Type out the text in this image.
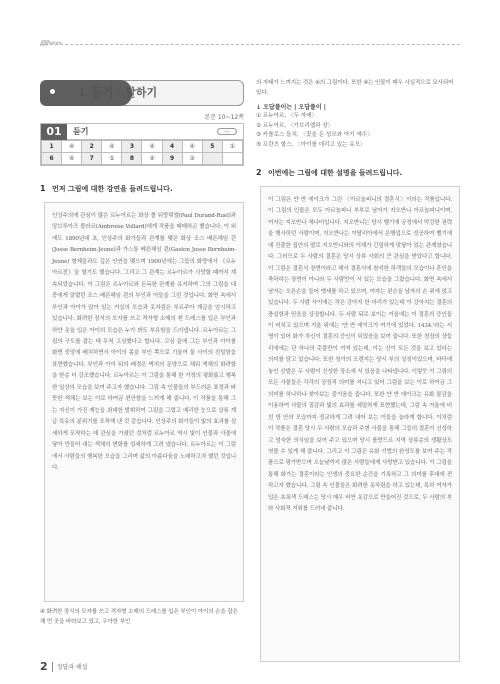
//////»»»»
I. 듣기 · 말하기
본문 10~12쪽
01	듣기	‹‹‹
1	④	2	④	3	④	4	④	5	①
6	④	7	⑤	8	④	9	②		
1 먼저 그림에 대한 강연을 들려드립니다.

인상주의에 관심이 많은 르누아르는 화상 폴 뒤랑뤼엘(Paul Durand-Ruel)과 앙브루아즈 볼라르(Ambroise Vollard)에게 작품을 매매하곤 했습니다. 이 외에도 1890년대 초, 인상주의 화가들과 관계를 맺은 화상 조스 베른헤임 쥔(Josse Bernheim-Jeune)과 가스통 베른헤임 쥔(Gaston Josse Bernheim-Jeune) 형제들과도 깊은 인연을 맺으며 1900년에는 그들의 화랑에서 《르누아르전》을 열기도 했습니다. 그리고 그 관계는 르누아르가 사망할 때까지 계속되었습니다. 이 그림은 르누아르와 돈독한 관계를 유지하며 그의 그림을 대중에게 알렸던 조스 베른헤임 쥔의 부인과 아들을 그린 것입니다. 화면 속에서 부인과 아이가 앉아 있는 거실의 모습과 옷차림은 부르주아 계급을 암시하고 있습니다. 화려한 장식의 모자를 쓰고 격자형 소매의 흰 드레스를 입은 부인과 하얀 옷을 입은 아이의 모습은 누가 봐도 부유함을 드러냅니다. 르누아르는 그림의 구도를 잡는 데 무척 고심했다고 합니다. 고심 끝에 그는 부인과 아이를 화면 중앙에 배치하면서 아이의 몸을 부인 쪽으로 기울여 둘 사이의 친밀함을 표현했습니다. 부인과 아이 뒤의 배경은 벽지의 문양으로 채워 색채의 화려함을 한층 더 강조했습니다. 르누아르는 이 그림을 통해 한 가정의 평화롭고 행복한 일상의 모습을 보여 주고자 했습니다. 그림 속 인물들의 부드러운 표정과 따뜻한 색채는 보는 이로 하여금 편안함을 느끼게 해 줍니다. 이 작품을 통해 그는 자신이 가진 재능을 최대한 발휘하여 그림을 그렸고 예리한 눈으로 상류 계급 특유의 분위기를 포착해 낸 것 같습니다. 인상주의 화가들이 빛의 효과를 섬세하게 포착하는 데 관심을 가졌던 것처럼 르누아르 역시 빛이 인물과 사물에 닿아 만들어 내는 색채의 변화를 섬세하게 그려 냈습니다. 르누아르는 이 그림에서 사람들의 행복한 모습을 그리며 삶의 아름다움을 노래하고자 했던 것입니다.

④ 화려한 장식의 모자를 쓰고 격자형 소매의 드레스를 입은 부인이 아이의 손을 잡은 채 먼 곳을 바라보고 있고, 우아한 부인
의 자태가 느껴지는 것은 ④의 그림이다. 또한 ④는 인물이 매우 사실적으로 묘사되어 있다.
↓ 오답풀이는 | 오답풀이 |
① 르누아르, 〈두 자매〉
② 르누아르, 〈가브리엘과 장〉
③ 카를로스 들치, 〈꽃을 든 성모와 아기 예수〉
⑤ 프란츠 할스, 〈아이를 데리고 있는 유모〉
2 이번에는 그림에 대한 설명을 들려드립니다.

이 그림은 얀 반 에이크가 그린 〈아르놀피니의 결혼식〉이라는 작품입니다. 이 그림의 인물은 모두 아르놀피니 부부로 남자가 지오반니 아르놀피니이며, 여자는 지오반나 체나미입니다. 지오반니는 당시 벨기에 궁정에서 막강한 권력을 행사하던 사람이며, 지오반나는 이탈리아에서 은행업으로 성공하여 벨기에에 진출한 집안의 딸로 지오반니와의 이해가 긴밀하게 맞닿아 있는 관계였습니다. 그러므로 두 사람의 결혼은 당시 상류 사회의 큰 관심을 받았다고 합니다. 이 그림은 결혼식 장면이라고 해서 결혼식에 참석한 하객들의 모습이나 혼인을 축하하는 장면이 아니라 두 사람만이 서 있는 모습을 그렸습니다. 화면 속에서 남자는 오른손을 들어 맹세를 하고 있으며, 여자는 왼손을 남자의 손 위에 얹고 있습니다. 두 사람 사이에는 작은 강아지 한 마리가 있는데 이 강아지는 결혼의 충실함과 믿음을 상징합니다. 두 사람 뒤로 보이는 거울에는 이 결혼의 증인들이 비치고 있으며 거울 위에는 '얀 반 에이크가 여기에 있었다. 1434.'라는 서명이 있어 화가 자신이 결혼의 증인이 되었음을 보여 줍니다. 또한 천장의 샹들리에에는 단 하나의 촛불만이 켜져 있는데, 이는 신이 모든 것을 보고 있다는 의미를 담고 있습니다. 또한 창가의 오렌지는 당시 부의 상징이었으며, 바닥에 놓인 신발은 두 사람이 신성한 장소에 서 있음을 나타냅니다. 이렇듯 이 그림의 모든 사물들은 각각의 상징적 의미를 지니고 있어 그림을 보는 이로 하여금 그 의미를 하나하나 찾아보는 즐거움을 줍니다. 또한 얀 반 에이크는 유화 물감을 이용하여 사물의 질감과 빛의 효과를 세밀하게 표현했는데, 그림 속 거울에 비친 방 안의 모습까지 정교하게 그려 내어 보는 이들을 놀라게 합니다. 이처럼 이 작품은 결혼 당시 두 사람의 모습과 주변 사물을 통해 그들의 결혼이 신성하고 엄숙한 의식임을 보여 주고 있으며 당시 플랑드르 지역 상류층의 생활상도 엿볼 수 있게 해 줍니다. 그리고 이 그림은 유화 기법의 완성도를 보여 주는 작품으로 평가받으며 오늘날까지 많은 사람들에게 사랑받고 있습니다. 이 그림을 통해 화가는 결혼이라는 인생의 중요한 순간을 기록하고 그 의미를 후대에 전하고자 했습니다. 그림 속 인물들은 화려한 옷차림을 하고 있는데, 특히 여자가 입은 초록색 드레스는 당시 매우 비싼 옷감으로 만들어진 것으로, 두 사람의 부와 사회적 지위를 드러내 줍니다.

2 정답과 해설
